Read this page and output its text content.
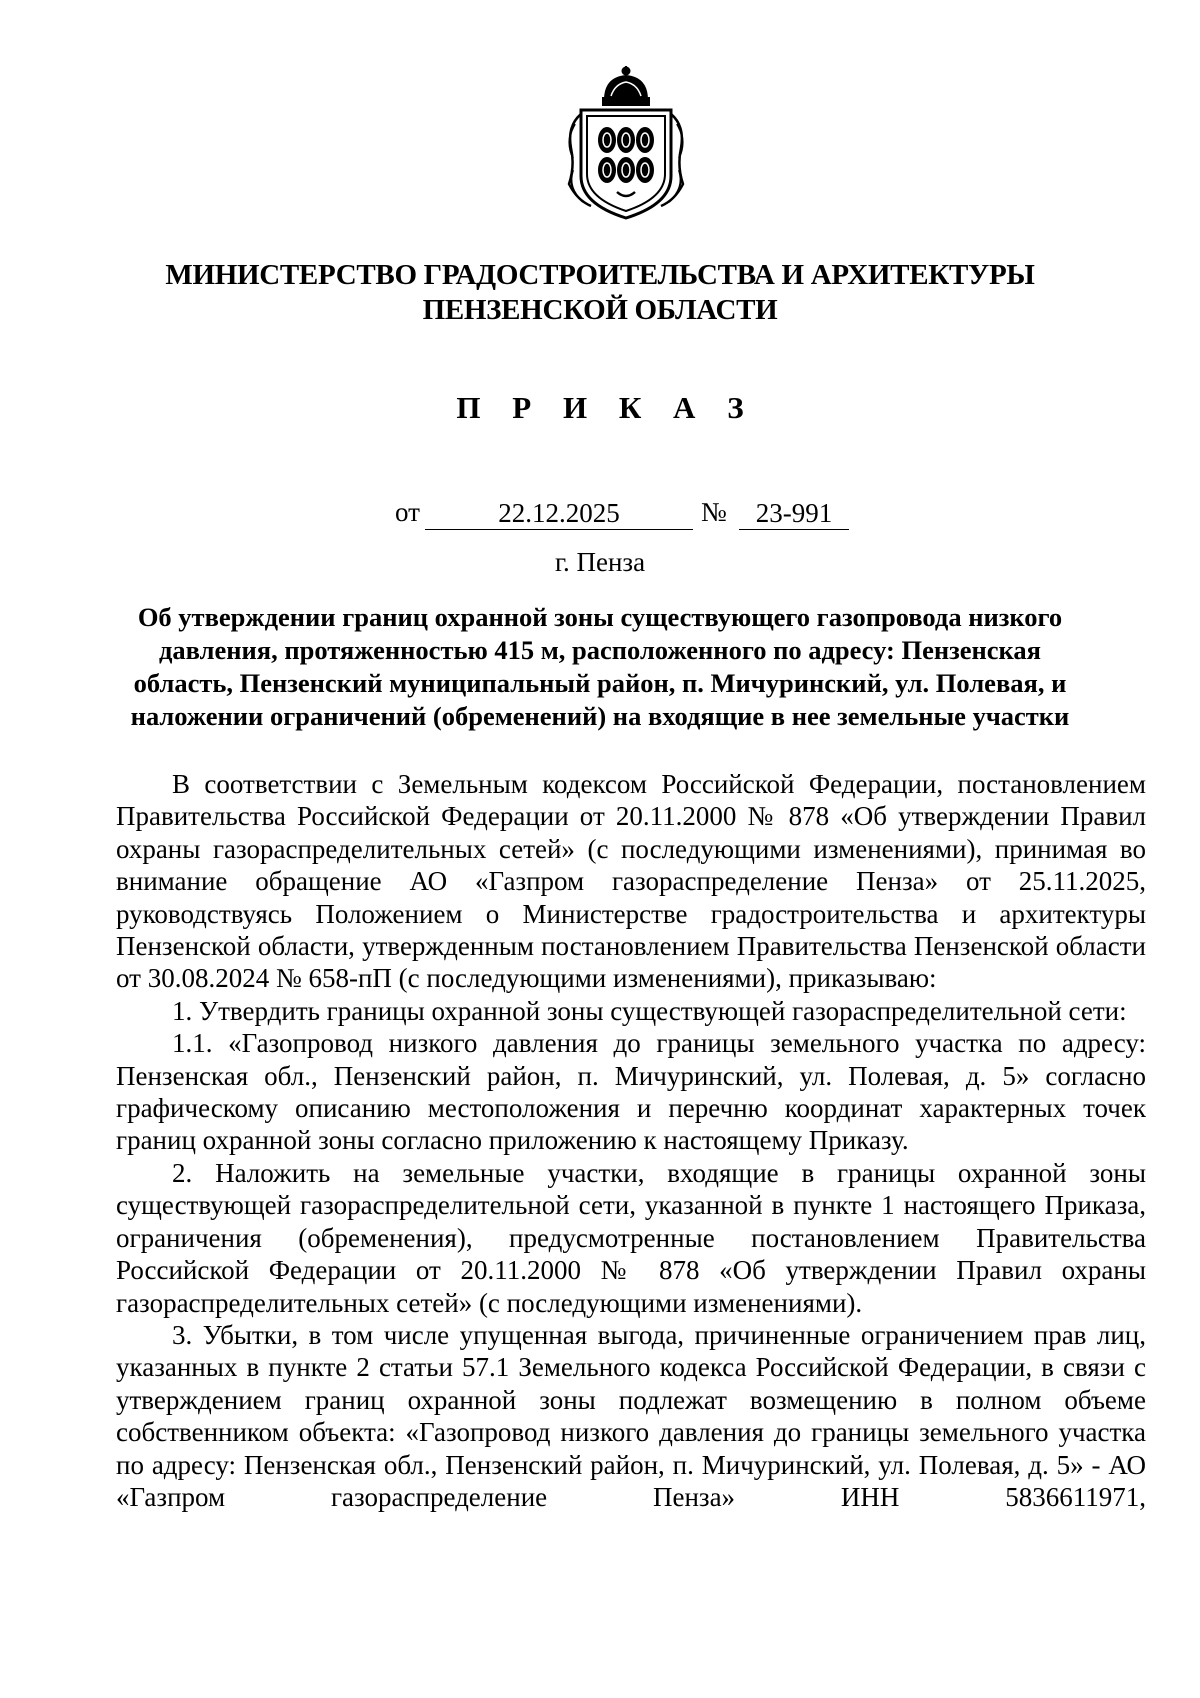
МИНИСТЕРСТВО ГРАДОСТРОИТЕЛЬСТВА И АРХИТЕКТУРЫ
ПЕНЗЕНСКОЙ ОБЛАСТИ
П Р И К А З
от	22.12.2025	№	23-991
г. Пенза
Об утверждении границ охранной зоны существующего газопровода низкого
давления, протяженностью 415 м, расположенного по адресу: Пензенская
область, Пензенский муниципальный район, п. Мичуринский, ул. Полевая, и
наложении ограничений (обременений) на входящие в нее земельные участки

В соответствии с Земельным кодексом Российской Федерации, постановлением Правительства Российской Федерации от 20.11.2000 № 878 «Об утверждении Правил охраны газораспределительных сетей» (с последующими изменениями), принимая во внимание обращение АО «Газпром газораспределение Пенза» от 25.11.2025, руководствуясь Положением о Министерстве градостроительства и архитектуры Пензенской области, утвержденным постановлением Правительства Пензенской области от 30.08.2024 № 658-пП (с последующими изменениями), приказываю:

1. Утвердить границы охранной зоны существующей газораспределительной сети:

1.1. «Газопровод низкого давления до границы земельного участка по адресу: Пензенская обл., Пензенский район, п. Мичуринский, ул. Полевая, д. 5» согласно графическому описанию местоположения и перечню координат характерных точек границ охранной зоны согласно приложению к настоящему Приказу.

2. Наложить на земельные участки, входящие в границы охранной зоны существующей газораспределительной сети, указанной в пункте 1 настоящего Приказа, ограничения (обременения), предусмотренные постановлением Правительства Российской Федерации от 20.11.2000 № 878 «Об утверждении Правил охраны газораспределительных сетей» (с последующими изменениями).

3. Убытки, в том числе упущенная выгода, причиненные ограничением прав лиц, указанных в пункте 2 статьи 57.1 Земельного кодекса Российской Федерации, в связи с утверждением границ охранной зоны подлежат возмещению в полном объеме собственником объекта: «Газопровод низкого давления до границы земельного участка по адресу: Пензенская обл., Пензенский район, п. Мичуринский, ул. Полевая, д. 5» - АО «Газпром газораспределение Пенза» ИНН 5836611971,
